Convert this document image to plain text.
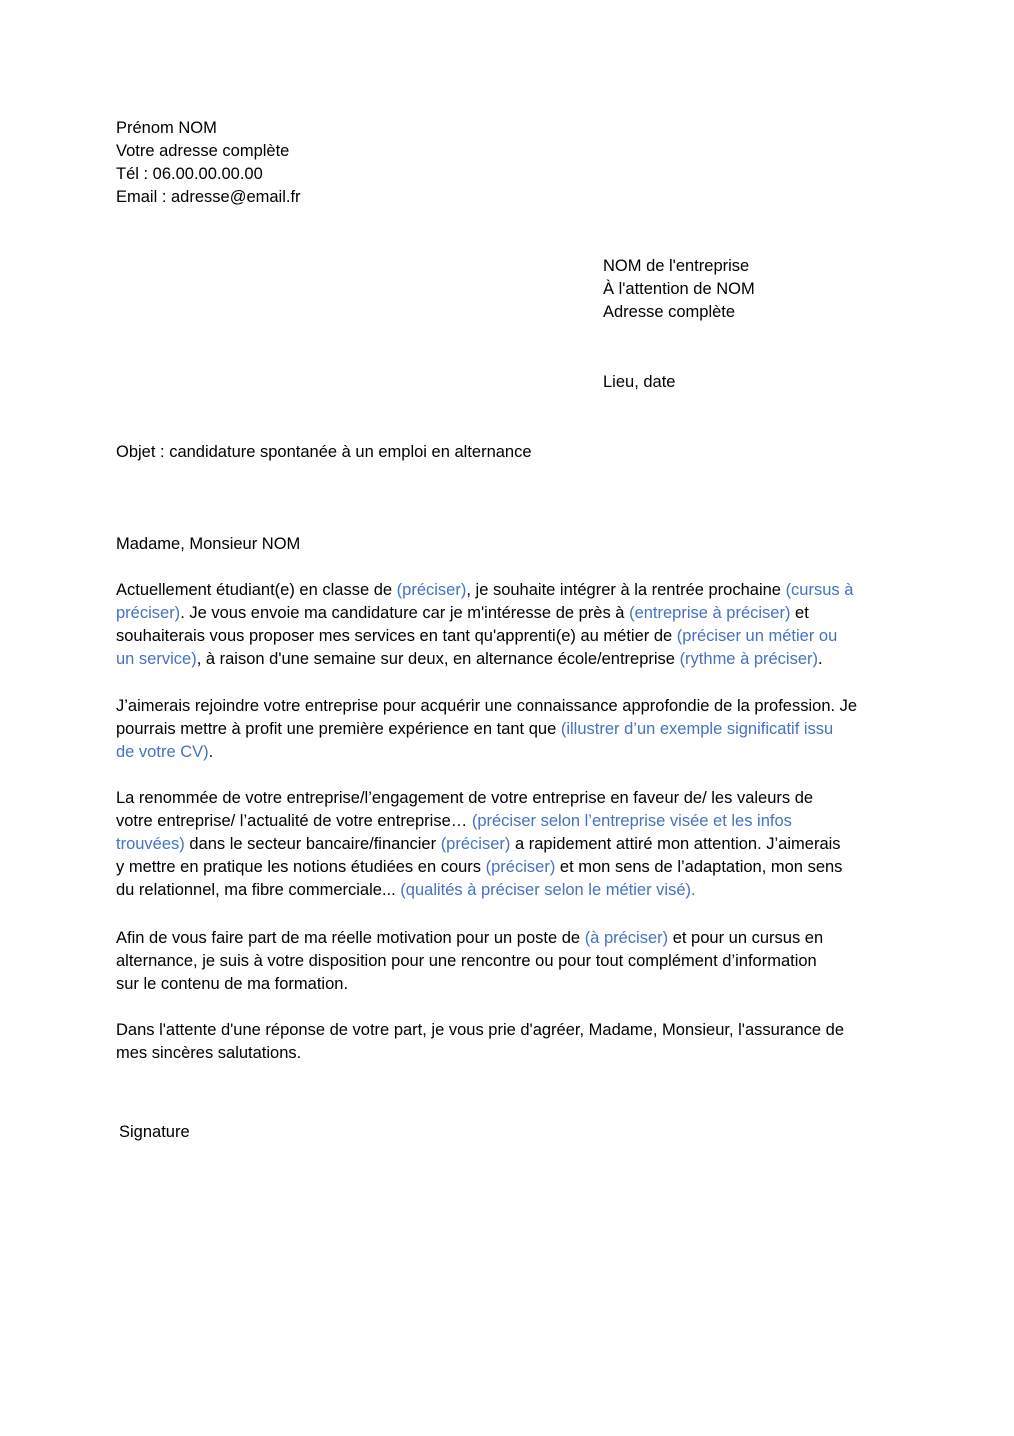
Prénom NOM
Votre adresse complète
Tél : 06.00.00.00.00
Email : adresse@email.fr
NOM de l'entreprise
À l'attention de NOM
Adresse complète
Lieu, date
Objet : candidature spontanée à un emploi en alternance
Madame, Monsieur NOM
Actuellement étudiant(e) en classe de (préciser), je souhaite intégrer à la rentrée prochaine (cursus à
préciser). Je vous envoie ma candidature car je m'intéresse de près à (entreprise à préciser) et
souhaiterais vous proposer mes services en tant qu'apprenti(e) au métier de (préciser un métier ou
un service), à raison d'une semaine sur deux, en alternance école/entreprise (rythme à préciser).
J’aimerais rejoindre votre entreprise pour acquérir une connaissance approfondie de la profession. Je
pourrais mettre à profit une première expérience en tant que (illustrer d’un exemple significatif issu
de votre CV).
La renommée de votre entreprise/l’engagement de votre entreprise en faveur de/ les valeurs de
votre entreprise/ l’actualité de votre entreprise… (préciser selon l’entreprise visée et les infos
trouvées) dans le secteur bancaire/financier (préciser) a rapidement attiré mon attention. J’aimerais
y mettre en pratique les notions étudiées en cours (préciser) et mon sens de l’adaptation, mon sens
du relationnel, ma fibre commerciale... (qualités à préciser selon le métier visé).
Afin de vous faire part de ma réelle motivation pour un poste de (à préciser) et pour un cursus en
alternance, je suis à votre disposition pour une rencontre ou pour tout complément d’information
sur le contenu de ma formation.
Dans l'attente d'une réponse de votre part, je vous prie d'agréer, Madame, Monsieur, l'assurance de
mes sincères salutations.
Signature
